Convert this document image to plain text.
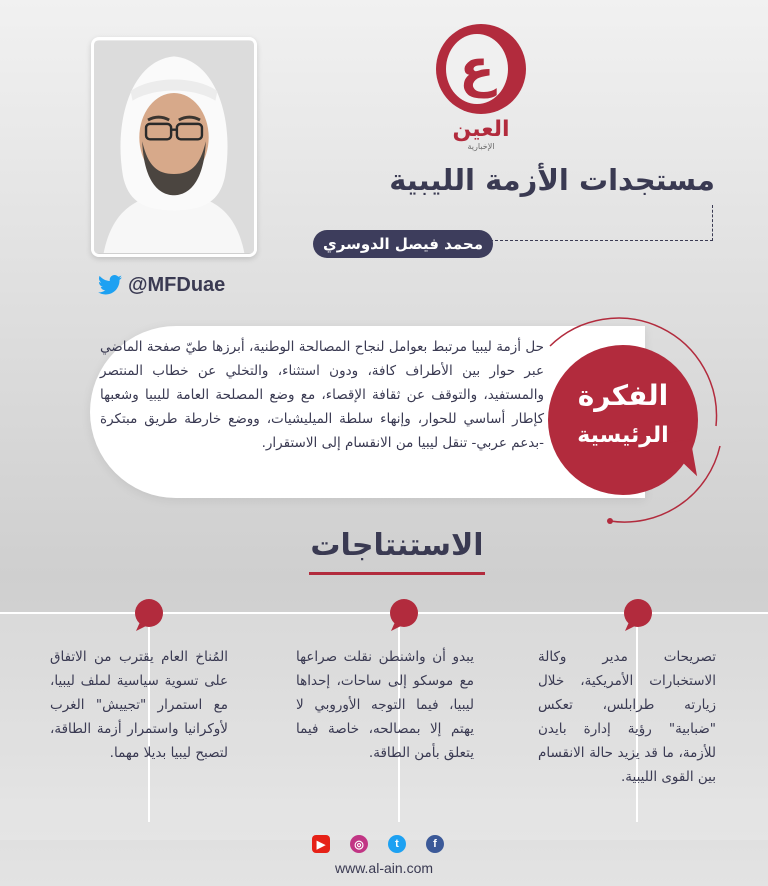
@MFDuae
ع
العين
الإخبارية
مستجدات الأزمة الليبية
محمد فيصل الدوسري
حل أزمة ليبيا مرتبط بعوامل لنجاح المصالحة الوطنية، أبرزها طيّ صفحة الماضي عبر حوار بين الأطراف كافة، ودون استثناء، والتخلي عن خطاب المنتصر والمستفيد، والتوقف عن ثقافة الإقصاء، مع وضع المصلحة العامة لليبيا وشعبها كإطار أساسي للحوار، وإنهاء سلطة الميليشيات، ووضع خارطة طريق مبتكرة -بدعم عربي- تنقل ليبيا من الانقسام إلى الاستقرار.
الفكرة
الرئيسية
الاستنتاجات
تصريحات مدير وكالة الاستخبارات الأمريكية، خلال زيارته طرابلس، تعكس "ضبابية" رؤية إدارة بايدن للأزمة، ما قد يزيد حالة الانقسام بين القوى الليبية.
يبدو أن واشنطن نقلت صراعها مع موسكو إلى ساحات، إحداها ليبيا، فيما التوجه الأوروبي لا يهتم إلا بمصالحه، خاصة فيما يتعلق بأمن الطاقة.
المُناخ العام يقترب من الاتفاق على تسوية سياسية لملف ليبيا، مع استمرار "تجييش" الغرب لأوكرانيا واستمرار أزمة الطاقة، لتصبح ليبيا بديلا مهما.
f
t
◎
▶
www.al-ain.com
